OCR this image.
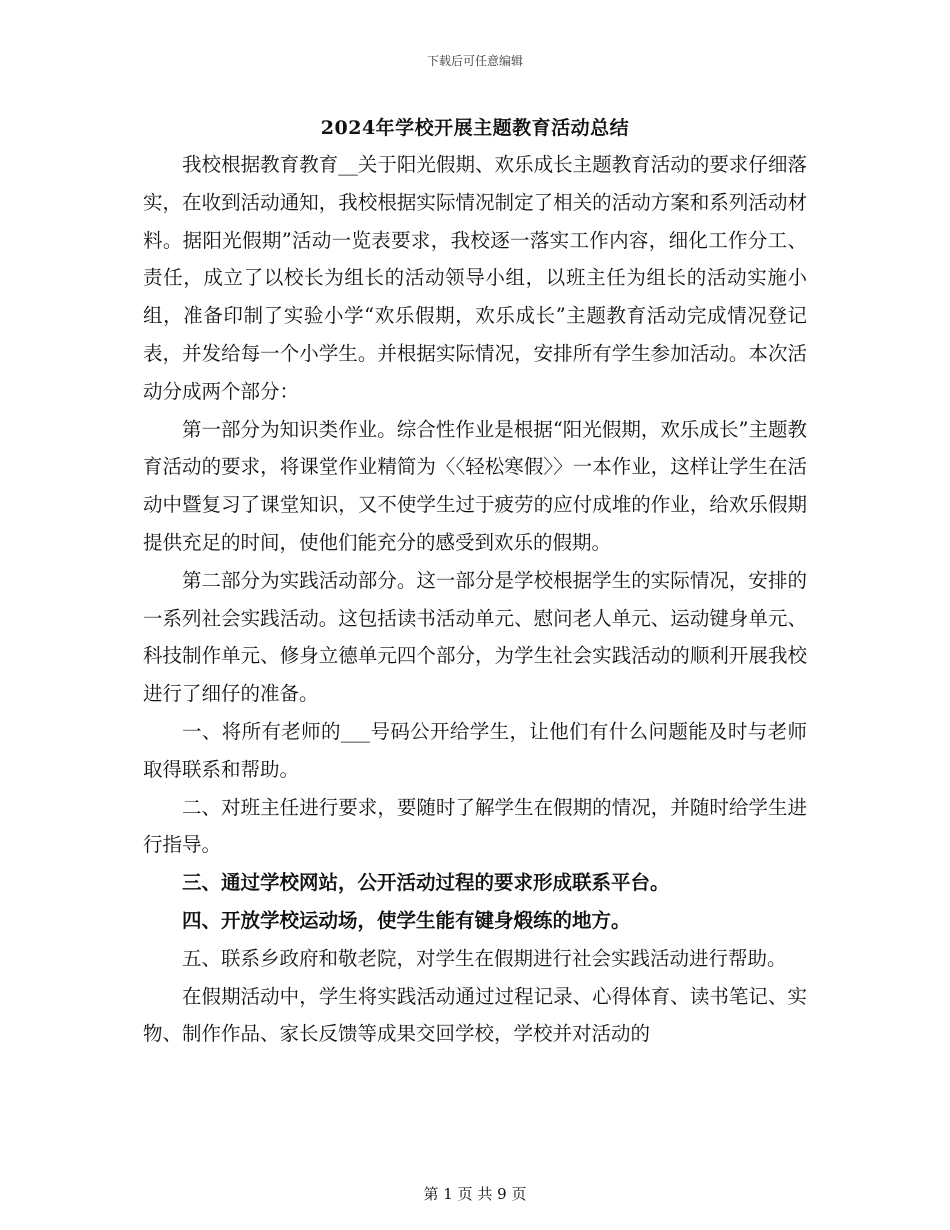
下载后可任意编辑
2024年学校开展主题教育活动总结

我校根据教育教育__关于阳光假期、欢乐成长主题教育活动的要求仔细落实，在收到活动通知，我校根据实际情况制定了相关的活动方案和系列活动材料。据阳光假期”活动一览表要求，我校逐一落实工作内容，细化工作分工、责任，成立了以校长为组长的活动领导小组，以班主任为组长的活动实施小组，准备印制了实验小学“欢乐假期，欢乐成长”主题教育活动完成情况登记表，并发给每一个小学生。并根据实际情况，安排所有学生参加活动。本次活动分成两个部分：

第一部分为知识类作业。综合性作业是根据“阳光假期，欢乐成长”主题教育活动的要求，将课堂作业精简为〈〈轻松寒假〉〉一本作业，这样让学生在活动中暨复习了课堂知识，又不使学生过于疲劳的应付成堆的作业，给欢乐假期提供充足的时间，使他们能充分的感受到欢乐的假期。

第二部分为实践活动部分。这一部分是学校根据学生的实际情况，安排的一系列社会实践活动。这包括读书活动单元、慰问老人单元、运动键身单元、科技制作单元、修身立德单元四个部分，为学生社会实践活动的顺利开展我校进行了细仔的准备。

一、将所有老师的___号码公开给学生，让他们有什么问题能及时与老师取得联系和帮助。

二、对班主任进行要求，要随时了解学生在假期的情况，并随时给学生进行指导。

三、通过学校网站，公开活动过程的要求形成联系平台。

四、开放学校运动场，使学生能有键身煅练的地方。

五、联系乡政府和敬老院，对学生在假期进行社会实践活动进行帮助。

在假期活动中，学生将实践活动通过过程记录、心得体育、读书笔记、实物、制作作品、家长反馈等成果交回学校，学校并对活动的

第 1 页 共 9 页
